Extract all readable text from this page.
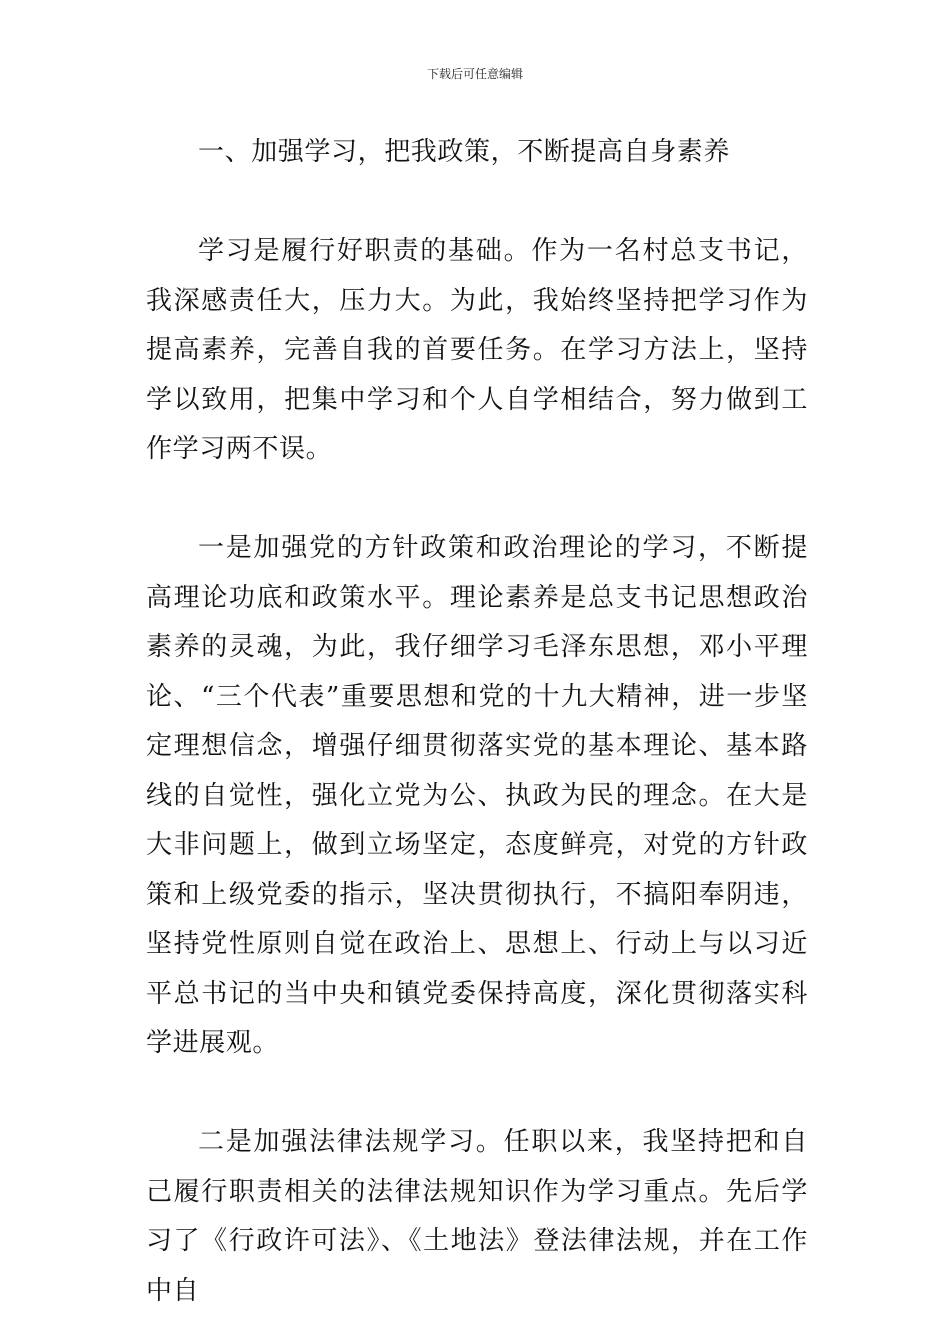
下载后可任意编辑

一、加强学习，把我政策，不断提高自身素养

学习是履行好职责的基础。作为一名村总支书记，我深感责任大，压力大。为此，我始终坚持把学习作为提高素养，完善自我的首要任务。在学习方法上，坚持学以致用，把集中学习和个人自学相结合，努力做到工作学习两不误。

一是加强党的方针政策和政治理论的学习，不断提高理论功底和政策水平。理论素养是总支书记思想政治素养的灵魂，为此，我仔细学习毛泽东思想，邓小平理论、“三个代表”重要思想和党的十九大精神，进一步坚定理想信念，增强仔细贯彻落实党的基本理论、基本路线的自觉性，强化立党为公、执政为民的理念。在大是大非问题上，做到立场坚定，态度鲜亮，对党的方针政策和上级党委的指示，坚决贯彻执行，不搞阳奉阴违，坚持党性原则自觉在政治上、思想上、行动上与以习近平总书记的当中央和镇党委保持高度，深化贯彻落实科学进展观。

二是加强法律法规学习。任职以来，我坚持把和自己履行职责相关的法律法规知识作为学习重点。先后学习了《行政许可法》、《土地法》登法律法规，并在工作中自
